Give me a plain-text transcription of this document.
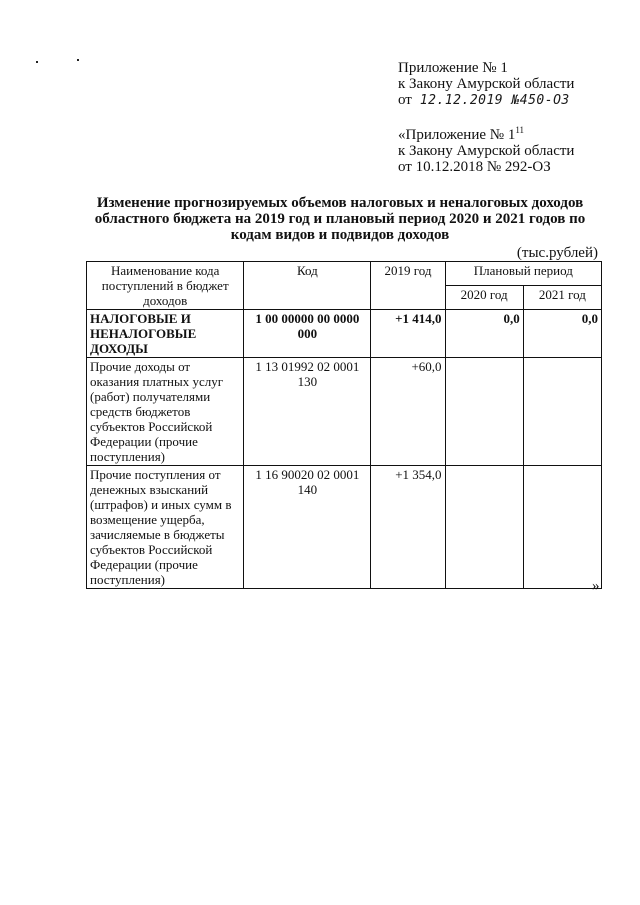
Приложение № 1
к Закону Амурской области
от 12.12.2019 №450-ОЗ
«Приложение № $1^{11}$
к Закону Амурской области
от 10.12.2018 № 292-ОЗ
Изменение прогнозируемых объемов налоговых и неналоговых доходов областного бюджета на 2019 год и плановый период 2020 и 2021 годов по кодам видов и подвидов доходов
(тыс.рублей)
Наименование кода поступлений в бюджет доходов	Код	2019 год	Плановый период	
			2020 год	2021 год
НАЛОГОВЫЕ И НЕНАЛОГОВЫЕ ДОХОДЫ	1 00 00000 00 0000 000	+1 414,0	0,0	0,0
Прочие доходы от оказания платных услуг (работ) получателями средств бюджетов субъектов Российской Федерации (прочие поступления)	1 13 01992 02 0001 130	+60,0		
Прочие поступления от денежных взысканий (штрафов) и иных сумм в возмещение ущерба, зачисляемые в бюджеты субъектов Российской Федерации (прочие поступления)	1 16 90020 02 0001 140	+1 354,0		
»
